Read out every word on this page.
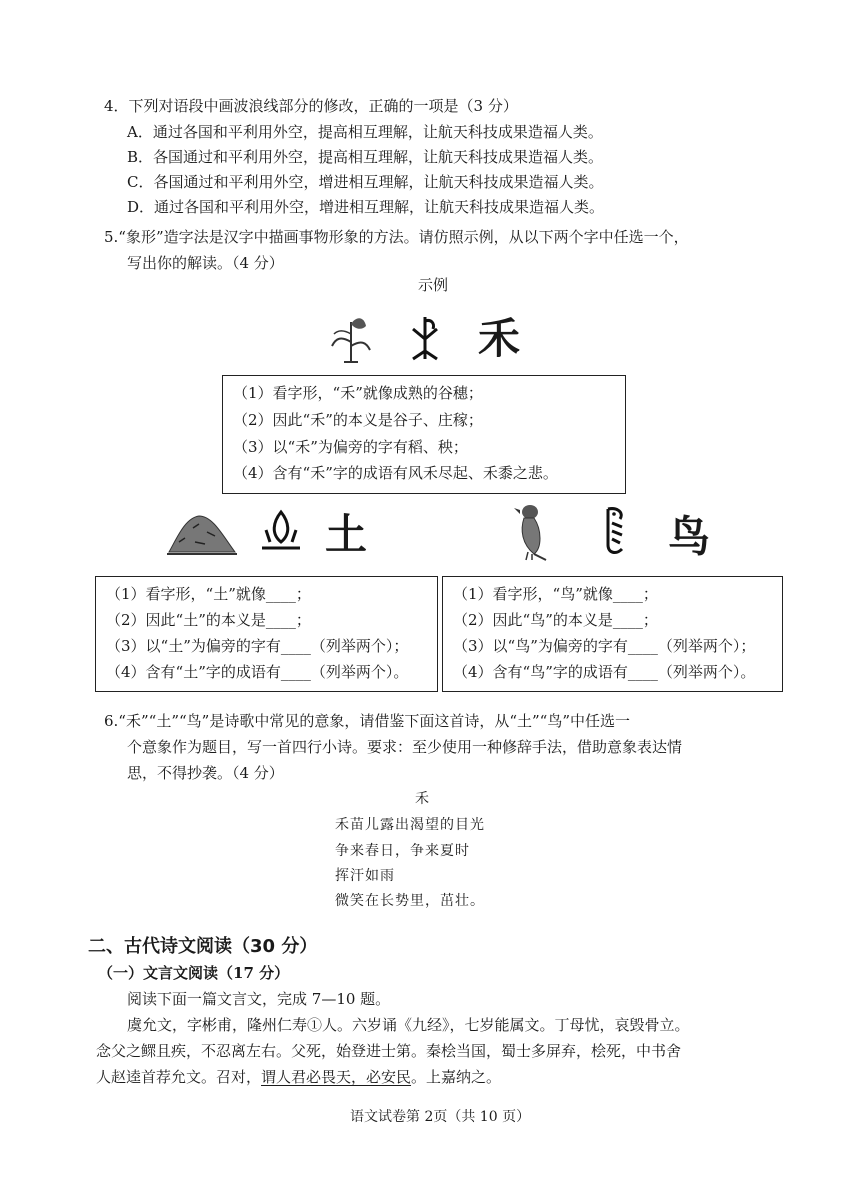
4．下列对语段中画波浪线部分的修改，正确的一项是（3 分）
A．通过各国和平利用外空，提高相互理解，让航天科技成果造福人类。
B．各国通过和平利用外空，提高相互理解，让航天科技成果造福人类。
C．各国通过和平利用外空，增进相互理解，让航天科技成果造福人类。
D．通过各国和平利用外空，增进相互理解，让航天科技成果造福人类。
5.“象形”造字法是汉字中描画事物形象的方法。请仿照示例，从以下两个字中任选一个，
写出你的解读。（4 分）
示例
禾
（1）看字形，“禾”就像成熟的谷穗；
（2）因此“禾”的本义是谷子、庄稼；
（3）以“禾”为偏旁的字有稻、秧；
（4）含有“禾”字的成语有风禾尽起、禾黍之悲。
土	鸟
（1）看字形，“土”就像____；
（2）因此“土”的本义是____；
（3）以“土”为偏旁的字有____（列举两个）；
（4）含有“土”字的成语有____（列举两个）。
（1）看字形，“鸟”就像____；
（2）因此“鸟”的本义是____；
（3）以“鸟”为偏旁的字有____（列举两个）；
（4）含有“鸟”字的成语有____（列举两个）。
6.“禾”“土”“鸟”是诗歌中常见的意象，请借鉴下面这首诗，从“土”“鸟”中任选一
个意象作为题目，写一首四行小诗。要求：至少使用一种修辞手法，借助意象表达情
思，不得抄袭。（4 分）
禾
禾苗儿露出渴望的目光
争来春日，争来夏时
挥汗如雨
微笑在长势里，茁壮。
二、古代诗文阅读（30 分）
（一）文言文阅读（17 分）
阅读下面一篇文言文，完成 7—10 题。
虞允文，字彬甫，隆州仁寿①人。六岁诵《九经》，七岁能属文。丁母忧，哀毁骨立。
念父之鳏且疾，不忍离左右。父死，始登进士第。秦桧当国，蜀士多屏弃，桧死，中书舍
人赵逵首荐允文。召对，谓人君必畏天，必安民。上嘉纳之。
语文试卷第 2页（共 10 页）
